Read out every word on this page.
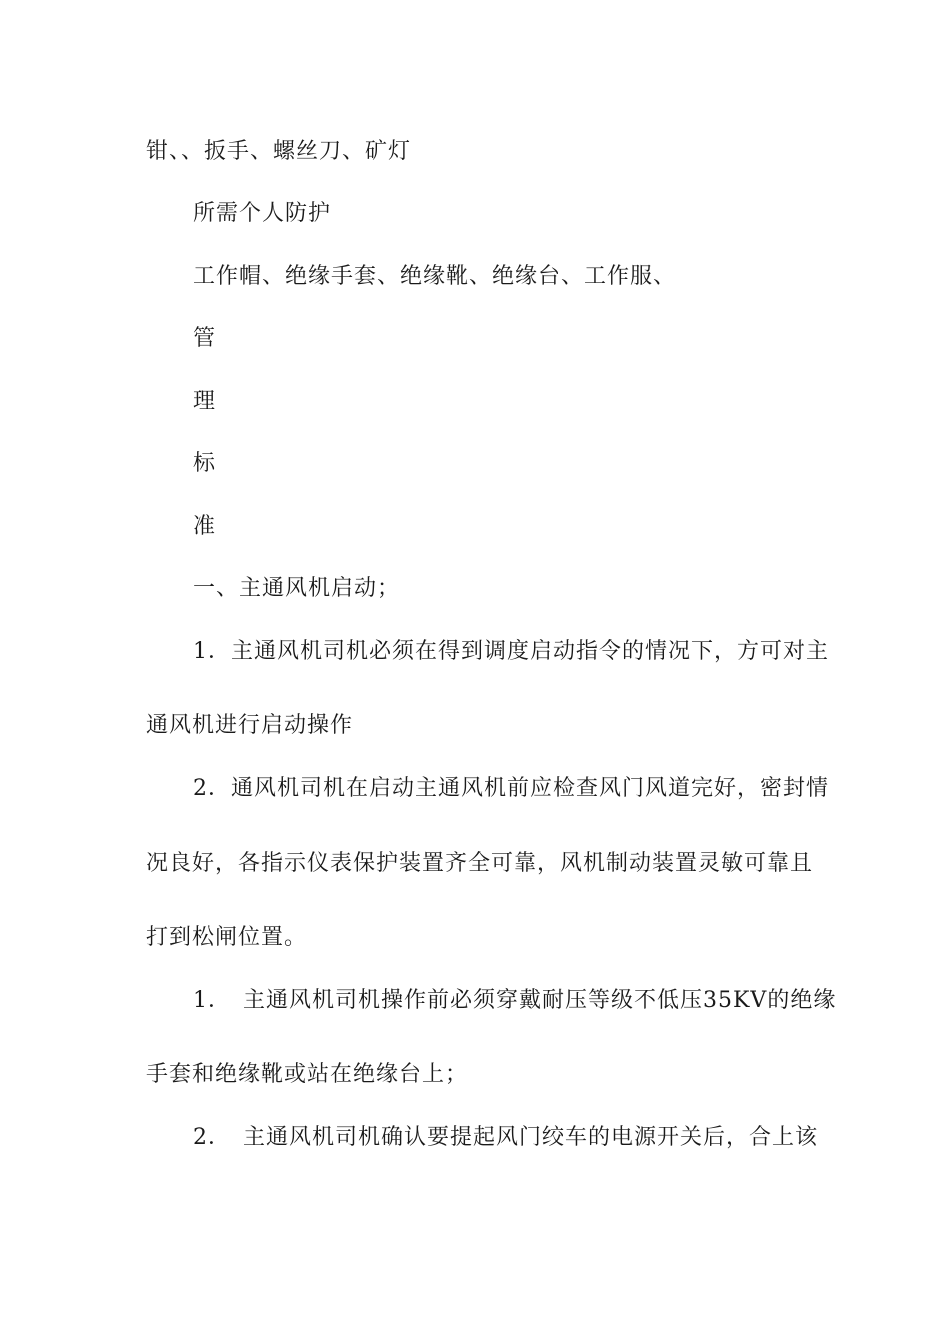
钳、、扳手、螺丝刀、矿灯
所需个人防护
工作帽、绝缘手套、绝缘靴、绝缘台、工作服、
管
理
标
准
一、主通风机启动；
1．主通风机司机必须在得到调度启动指令的情况下，方可对主
通风机进行启动操作
2．通风机司机在启动主通风机前应检查风门风道完好，密封情
况良好，各指示仪表保护装置齐全可靠，风机制动装置灵敏可靠且
打到松闸位置。
1．　主通风机司机操作前必须穿戴耐压等级不低压35KV的绝缘
手套和绝缘靴或站在绝缘台上；
2．　主通风机司机确认要提起风门绞车的电源开关后，合上该
